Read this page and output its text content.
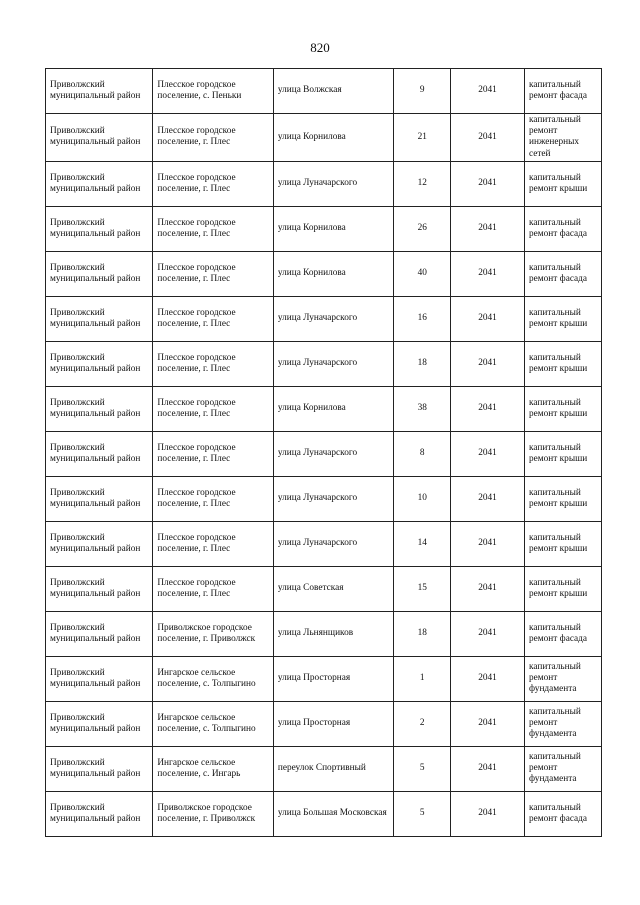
820
Приволжский муниципальный район	Плесское городское поселение, с. Пеньки	улица Волжская	9	2041	капитальный ремонт фасада
Приволжский муниципальный район	Плесское городское поселение, г. Плес	улица Корнилова	21	2041	капитальный ремонт инженерных сетей
Приволжский муниципальный район	Плесское городское поселение, г. Плес	улица Луначарского	12	2041	капитальный ремонт крыши
Приволжский муниципальный район	Плесское городское поселение, г. Плес	улица Корнилова	26	2041	капитальный ремонт фасада
Приволжский муниципальный район	Плесское городское поселение, г. Плес	улица Корнилова	40	2041	капитальный ремонт фасада
Приволжский муниципальный район	Плесское городское поселение, г. Плес	улица Луначарского	16	2041	капитальный ремонт крыши
Приволжский муниципальный район	Плесское городское поселение, г. Плес	улица Луначарского	18	2041	капитальный ремонт крыши
Приволжский муниципальный район	Плесское городское поселение, г. Плес	улица Корнилова	38	2041	капитальный ремонт крыши
Приволжский муниципальный район	Плесское городское поселение, г. Плес	улица Луначарского	8	2041	капитальный ремонт крыши
Приволжский муниципальный район	Плесское городское поселение, г. Плес	улица Луначарского	10	2041	капитальный ремонт крыши
Приволжский муниципальный район	Плесское городское поселение, г. Плес	улица Луначарского	14	2041	капитальный ремонт крыши
Приволжский муниципальный район	Плесское городское поселение, г. Плес	улица Советская	15	2041	капитальный ремонт крыши
Приволжский муниципальный район	Приволжское городское поселение, г. Приволжск	улица Льнянщиков	18	2041	капитальный ремонт фасада
Приволжский муниципальный район	Ингарское сельское поселение, с. Толпыгино	улица Просторная	1	2041	капитальный ремонт фундамента
Приволжский муниципальный район	Ингарское сельское поселение, с. Толпыгино	улица Просторная	2	2041	капитальный ремонт фундамента
Приволжский муниципальный район	Ингарское сельское поселение, с. Ингарь	переулок Спортивный	5	2041	капитальный ремонт фундамента
Приволжский муниципальный район	Приволжское городское поселение, г. Приволжск	улица Большая Московская	5	2041	капитальный ремонт фасада
